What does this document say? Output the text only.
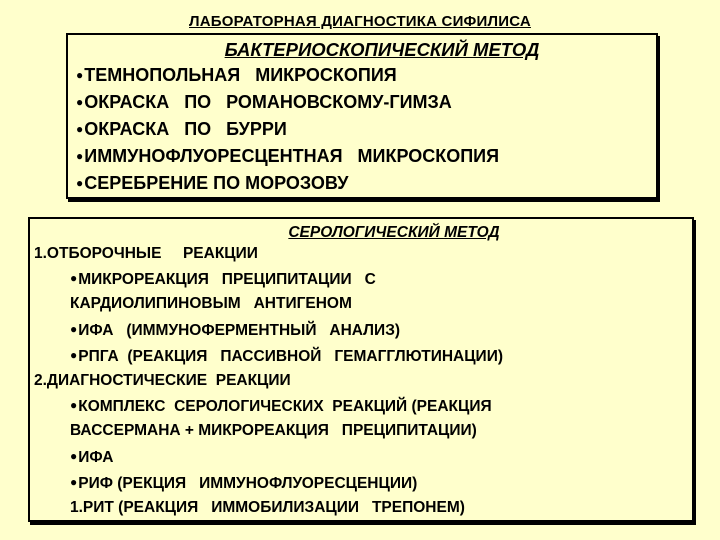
ЛАБОРАТОРНАЯ ДИАГНОСТИКА СИФИЛИСА
БАКТЕРИОСКОПИЧЕСКИЙ МЕТОД
●ТЕМНОПОЛЬНАЯ   МИКРОСКОПИЯ
●ОКРАСКА   ПО   РОМАНОВСКОМУ-ГИМЗА
●ОКРАСКА   ПО   БУРРИ
●ИММУНОФЛУОРЕСЦЕНТНАЯ   МИКРОСКОПИЯ
●СЕРЕБРЕНИЕ ПО МОРОЗОВУ
СЕРОЛОГИЧЕСКИЙ МЕТОД
1.ОТБОРОЧНЫЕ     РЕАКЦИИ
●МИКРОРЕАКЦИЯ   ПРЕЦИПИТАЦИИ   С
КАРДИОЛИПИНОВЫМ   АНТИГЕНОМ
●ИФА   (ИММУНОФЕРМЕНТНЫЙ   АНАЛИЗ)
●РПГА  (РЕАКЦИЯ   ПАССИВНОЙ   ГЕМАГГЛЮТИНАЦИИ)
2.ДИАГНОСТИЧЕСКИЕ  РЕАКЦИИ
●КОМПЛЕКС  СЕРОЛОГИЧЕСКИХ  РЕАКЦИЙ (РЕАКЦИЯ
ВАССЕРМАНА + МИКРОРЕАКЦИЯ   ПРЕЦИПИТАЦИИ)
●ИФА
●РИФ (РЕКЦИЯ   ИММУНОФЛУОРЕСЦЕНЦИИ)
1.РИТ (РЕАКЦИЯ   ИММОБИЛИЗАЦИИ   ТРЕПОНЕМ)
